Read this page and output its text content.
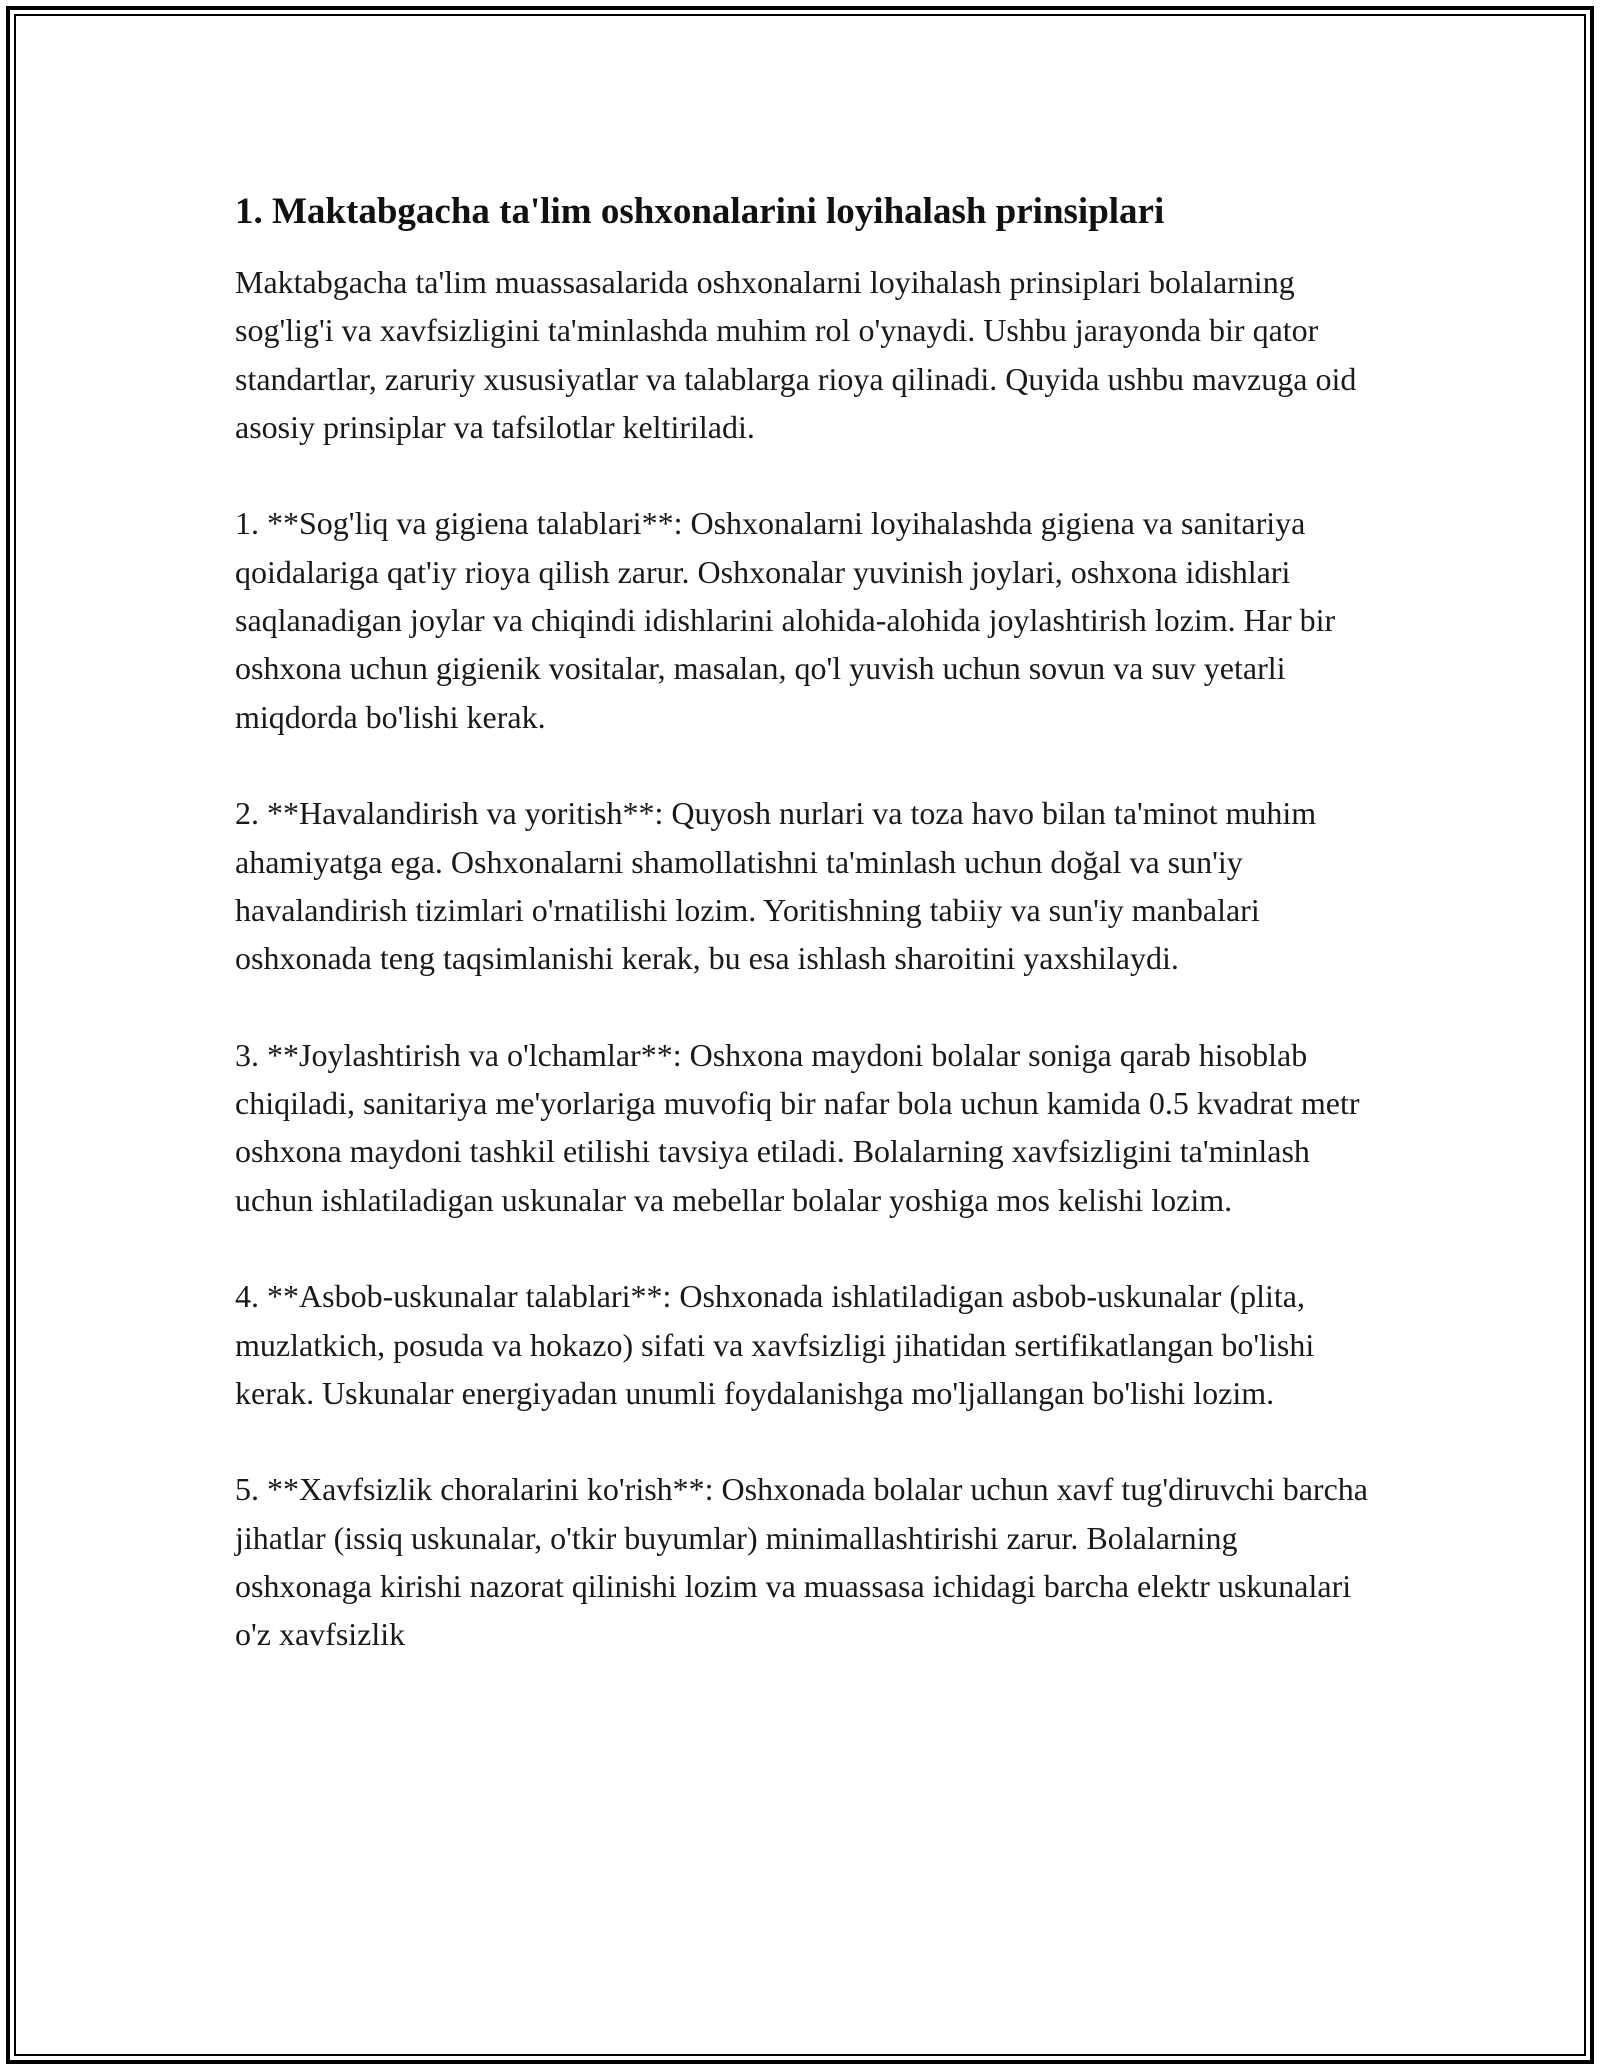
1. Maktabgacha ta'lim oshxonalarini loyihalash prinsiplari

Maktabgacha ta'lim muassasalarida oshxonalarni loyihalash prinsiplari bolalarning sog'lig'i va xavfsizligini ta'minlashda muhim rol o'ynaydi. Ushbu jarayonda bir qator standartlar, zaruriy xususiyatlar va talablarga rioya qilinadi. Quyida ushbu mavzuga oid asosiy prinsiplar va tafsilotlar keltiriladi.

1. **Sog'liq va gigiena talablari**: Oshxonalarni loyihalashda gigiena va sanitariya qoidalariga qat'iy rioya qilish zarur. Oshxonalar yuvinish joylari, oshxona idishlari saqlanadigan joylar va chiqindi idishlarini alohida-alohida joylashtirish lozim. Har bir oshxona uchun gigienik vositalar, masalan, qo'l yuvish uchun sovun va suv yetarli miqdorda bo'lishi kerak.

2. **Havalandirish va yoritish**: Quyosh nurlari va toza havo bilan ta'minot muhim ahamiyatga ega. Oshxonalarni shamollatishni ta'minlash uchun doğal va sun'iy havalandirish tizimlari o'rnatilishi lozim. Yoritishning tabiiy va sun'iy manbalari oshxonada teng taqsimlanishi kerak, bu esa ishlash sharoitini yaxshilaydi.

3. **Joylashtirish va o'lchamlar**: Oshxona maydoni bolalar soniga qarab hisoblab chiqiladi, sanitariya me'yorlariga muvofiq bir nafar bola uchun kamida 0.5 kvadrat metr oshxona maydoni tashkil etilishi tavsiya etiladi. Bolalarning xavfsizligini ta'minlash uchun ishlatiladigan uskunalar va mebellar bolalar yoshiga mos kelishi lozim.

4. **Asbob-uskunalar talablari**: Oshxonada ishlatiladigan asbob-uskunalar (plita, muzlatkich, posuda va hokazo) sifati va xavfsizligi jihatidan sertifikatlangan bo'lishi kerak. Uskunalar energiyadan unumli foydalanishga mo'ljallangan bo'lishi lozim.

5. **Xavfsizlik choralarini ko'rish**: Oshxonada bolalar uchun xavf tug'diruvchi barcha jihatlar (issiq uskunalar, o'tkir buyumlar) minimallashtirishi zarur. Bolalarning oshxonaga kirishi nazorat qilinishi lozim va muassasa ichidagi barcha elektr uskunalari o'z xavfsizlik
